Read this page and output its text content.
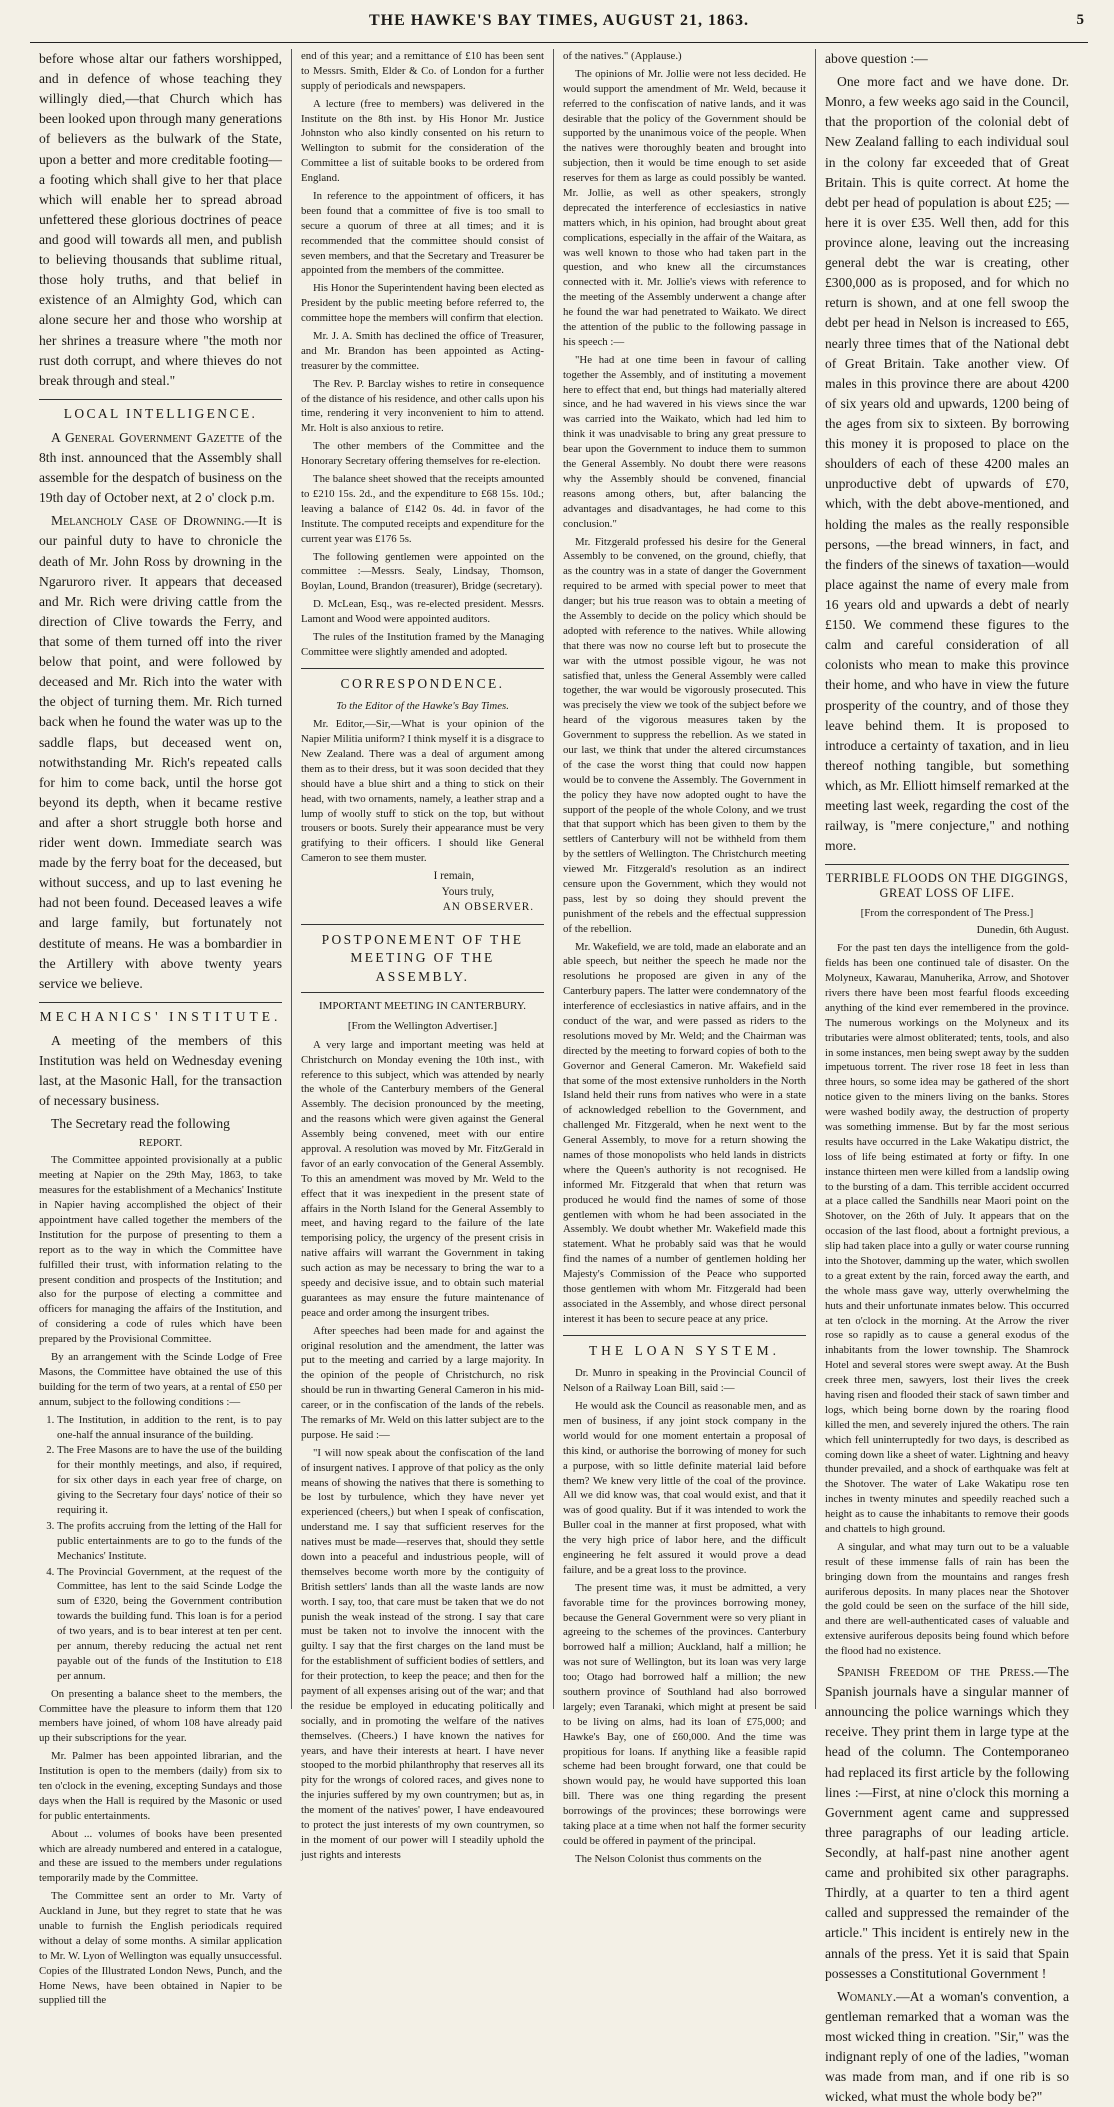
THE HAWKE'S BAY TIMES, AUGUST 21, 1863.	5

before whose altar our fathers worshipped, and in defence of whose teaching they willingly died,—that Church which has been looked upon through many generations of believers as the bulwark of the State, upon a better and more creditable footing—a footing which shall give to her that place which will enable her to spread abroad unfettered these glorious doctrines of peace and good will towards all men, and publish to believing thousands that sublime ritual, those holy truths, and that belief in existence of an Almighty God, which can alone secure her and those who worship at her shrines a treasure where "the moth nor rust doth corrupt, and where thieves do not break through and steal."

LOCAL INTELLIGENCE.

A General Government Gazette of the 8th inst. announced that the Assembly shall assemble for the despatch of business on the 19th day of October next, at 2 o' clock p.m.

Melancholy Case of Drowning.—It is our painful duty to have to chronicle the death of Mr. John Ross by drowning in the Ngaruroro river. It appears that deceased and Mr. Rich were driving cattle from the direction of Clive towards the Ferry, and that some of them turned off into the river below that point, and were followed by deceased and Mr. Rich into the water with the object of turning them. Mr. Rich turned back when he found the water was up to the saddle flaps, but deceased went on, notwithstanding Mr. Rich's repeated calls for him to come back, until the horse got beyond its depth, when it became restive and after a short struggle both horse and rider went down. Immediate search was made by the ferry boat for the deceased, but without success, and up to last evening he had not been found. Deceased leaves a wife and large family, but fortunately not destitute of means. He was a bombardier in the Artillery with above twenty years service we believe.

MECHANICS' INSTITUTE.

A meeting of the members of this Institution was held on Wednesday evening last, at the Masonic Hall, for the transaction of necessary business.

The Secretary read the following

REPORT.

The Committee appointed provisionally at a public meeting at Napier on the 29th May, 1863, to take measures for the establishment of a Mechanics' Institute in Napier having accomplished the object of their appointment have called together the members of the Institution for the purpose of presenting to them a report as to the way in which the Committee have fulfilled their trust, with information relating to the present condition and prospects of the Institution; and also for the purpose of electing a committee and officers for managing the affairs of the Institution, and of considering a code of rules which have been prepared by the Provisional Committee.

By an arrangement with the Scinde Lodge of Free Masons, the Committee have obtained the use of this building for the term of two years, at a rental of £50 per annum, subject to the following conditions :—

1. The Institution, in addition to the rent, is to pay one-half the annual insurance of the building.
2. The Free Masons are to have the use of the building for their monthly meetings, and also, if required, for six other days in each year free of charge, on giving to the Secretary four days' notice of their so requiring it.
3. The profits accruing from the letting of the Hall for public entertainments are to go to the funds of the Mechanics' Institute.
4. The Provincial Government, at the request of the Committee, has lent to the said Scinde Lodge the sum of £320, being the Government contribution towards the building fund. This loan is for a period of two years, and is to bear interest at ten per cent. per annum, thereby reducing the actual net rent payable out of the funds of the Institution to £18 per annum.

On presenting a balance sheet to the members, the Committee have the pleasure to inform them that 120 members have joined, of whom 108 have already paid up their subscriptions for the year.

Mr. Palmer has been appointed librarian, and the Institution is open to the members (daily) from six to ten o'clock in the evening, excepting Sundays and those days when the Hall is required by the Masonic or used for public entertainments.

About ... volumes of books have been presented which are already numbered and entered in a catalogue, and these are issued to the members under regulations temporarily made by the Committee.

The Committee sent an order to Mr. Varty of Auckland in June, but they regret to state that he was unable to furnish the English periodicals required without a delay of some months. A similar application to Mr. W. Lyon of Wellington was equally unsuccessful. Copies of the Illustrated London News, Punch, and the Home News, have been obtained in Napier to be supplied till the

end of this year; and a remittance of £10 has been sent to Messrs. Smith, Elder & Co. of London for a further supply of periodicals and newspapers.

A lecture (free to members) was delivered in the Institute on the 8th inst. by His Honor Mr. Justice Johnston who also kindly consented on his return to Wellington to submit for the consideration of the Committee a list of suitable books to be ordered from England.

In reference to the appointment of officers, it has been found that a committee of five is too small to secure a quorum of three at all times; and it is recommended that the committee should consist of seven members, and that the Secretary and Treasurer be appointed from the members of the committee.

His Honor the Superintendent having been elected as President by the public meeting before referred to, the committee hope the members will confirm that election.

Mr. J. A. Smith has declined the office of Treasurer, and Mr. Brandon has been appointed as Acting-treasurer by the committee.

The Rev. P. Barclay wishes to retire in consequence of the distance of his residence, and other calls upon his time, rendering it very inconvenient to him to attend. Mr. Holt is also anxious to retire.

The other members of the Committee and the Honorary Secretary offering themselves for re-election.

The balance sheet showed that the receipts amounted to £210 15s. 2d., and the expenditure to £68 15s. 10d.; leaving a balance of £142 0s. 4d. in favor of the Institute. The computed receipts and expenditure for the current year was £176 5s.

The following gentlemen were appointed on the committee :—Messrs. Sealy, Lindsay, Thomson, Boylan, Lound, Brandon (treasurer), Bridge (secretary).

D. McLean, Esq., was re-elected president. Messrs. Lamont and Wood were appointed auditors.

The rules of the Institution framed by the Managing Committee were slightly amended and adopted.

CORRESPONDENCE.

To the Editor of the Hawke's Bay Times.

Mr. Editor,—Sir,—What is your opinion of the Napier Militia uniform? I think myself it is a disgrace to New Zealand. There was a deal of argument among them as to their dress, but it was soon decided that they should have a blue shirt and a thing to stick on their head, with two ornaments, namely, a leather strap and a lump of woolly stuff to stick on the top, but without trousers or boots. Surely their appearance must be very gratifying to their officers. I should like General Cameron to see them muster.

I remain,
Yours truly,
AN OBSERVER.
POSTPONEMENT OF THE MEETING OF THE ASSEMBLY.
IMPORTANT MEETING IN CANTERBURY.
[From the Wellington Advertiser.]

A very large and important meeting was held at Christchurch on Monday evening the 10th inst., with reference to this subject, which was attended by nearly the whole of the Canterbury members of the General Assembly. The decision pronounced by the meeting, and the reasons which were given against the General Assembly being convened, meet with our entire approval. A resolution was moved by Mr. FitzGerald in favor of an early convocation of the General Assembly. To this an amendment was moved by Mr. Weld to the effect that it was inexpedient in the present state of affairs in the North Island for the General Assembly to meet, and having regard to the failure of the late temporising policy, the urgency of the present crisis in native affairs will warrant the Government in taking such action as may be necessary to bring the war to a speedy and decisive issue, and to obtain such material guarantees as may ensure the future maintenance of peace and order among the insurgent tribes.

After speeches had been made for and against the original resolution and the amendment, the latter was put to the meeting and carried by a large majority. In the opinion of the people of Christchurch, no risk should be run in thwarting General Cameron in his mid-career, or in the confiscation of the lands of the rebels. The remarks of Mr. Weld on this latter subject are to the purpose. He said :—

"I will now speak about the confiscation of the land of insurgent natives. I approve of that policy as the only means of showing the natives that there is something to be lost by turbulence, which they have never yet experienced (cheers,) but when I speak of confiscation, understand me. I say that sufficient reserves for the natives must be made—reserves that, should they settle down into a peaceful and industrious people, will of themselves become worth more by the contiguity of British settlers' lands than all the waste lands are now worth. I say, too, that care must be taken that we do not punish the weak instead of the strong. I say that care must be taken not to involve the innocent with the guilty. I say that the first charges on the land must be for the establishment of sufficient bodies of settlers, and for their protection, to keep the peace; and then for the payment of all expenses arising out of the war; and that the residue be employed in educating politically and socially, and in promoting the welfare of the natives themselves. (Cheers.) I have known the natives for years, and have their interests at heart. I have never stooped to the morbid philanthrophy that reserves all its pity for the wrongs of colored races, and gives none to the injuries suffered by my own countrymen; but as, in the moment of the natives' power, I have endeavoured to protect the just interests of my own countrymen, so in the moment of our power will I steadily uphold the just rights and interests

of the natives." (Applause.)

The opinions of Mr. Jollie were not less decided. He would support the amendment of Mr. Weld, because it referred to the confiscation of native lands, and it was desirable that the policy of the Government should be supported by the unanimous voice of the people. When the natives were thoroughly beaten and brought into subjection, then it would be time enough to set aside reserves for them as large as could possibly be wanted. Mr. Jollie, as well as other speakers, strongly deprecated the interference of ecclesiastics in native matters which, in his opinion, had brought about great complications, especially in the affair of the Waitara, as was well known to those who had taken part in the question, and who knew all the circumstances connected with it. Mr. Jollie's views with reference to the meeting of the Assembly underwent a change after he found the war had penetrated to Waikato. We direct the attention of the public to the following passage in his speech :—

"He had at one time been in favour of calling together the Assembly, and of instituting a movement here to effect that end, but things had materially altered since, and he had wavered in his views since the war was carried into the Waikato, which had led him to think it was unadvisable to bring any great pressure to bear upon the Government to induce them to summon the General Assembly. No doubt there were reasons why the Assembly should be convened, financial reasons among others, but, after balancing the advantages and disadvantages, he had come to this conclusion."

Mr. Fitzgerald professed his desire for the General Assembly to be convened, on the ground, chiefly, that as the country was in a state of danger the Government required to be armed with special power to meet that danger; but his true reason was to obtain a meeting of the Assembly to decide on the policy which should be adopted with reference to the natives. While allowing that there was now no course left but to prosecute the war with the utmost possible vigour, he was not satisfied that, unless the General Assembly were called together, the war would be vigorously prosecuted. This was precisely the view we took of the subject before we heard of the vigorous measures taken by the Government to suppress the rebellion. As we stated in our last, we think that under the altered circumstances of the case the worst thing that could now happen would be to convene the Assembly. The Government in the policy they have now adopted ought to have the support of the people of the whole Colony, and we trust that that support which has been given to them by the settlers of Canterbury will not be withheld from them by the settlers of Wellington. The Christchurch meeting viewed Mr. Fitzgerald's resolution as an indirect censure upon the Government, which they would not pass, lest by so doing they should prevent the punishment of the rebels and the effectual suppression of the rebellion.

Mr. Wakefield, we are told, made an elaborate and an able speech, but neither the speech he made nor the resolutions he proposed are given in any of the Canterbury papers. The latter were condemnatory of the interference of ecclesiastics in native affairs, and in the conduct of the war, and were passed as riders to the resolutions moved by Mr. Weld; and the Chairman was directed by the meeting to forward copies of both to the Governor and General Cameron. Mr. Wakefield said that some of the most extensive runholders in the North Island held their runs from natives who were in a state of acknowledged rebellion to the Government, and challenged Mr. Fitzgerald, when he next went to the General Assembly, to move for a return showing the names of those monopolists who held lands in districts where the Queen's authority is not recognised. He informed Mr. Fitzgerald that when that return was produced he would find the names of some of those gentlemen with whom he had been associated in the Assembly. We doubt whether Mr. Wakefield made this statement. What he probably said was that he would find the names of a number of gentlemen holding her Majesty's Commission of the Peace who supported those gentlemen with whom Mr. Fitzgerald had been associated in the Assembly, and whose direct personal interest it has been to secure peace at any price.

THE LOAN SYSTEM.

Dr. Munro in speaking in the Provincial Council of Nelson of a Railway Loan Bill, said :—

He would ask the Council as reasonable men, and as men of business, if any joint stock company in the world would for one moment entertain a proposal of this kind, or authorise the borrowing of money for such a purpose, with so little definite material laid before them? We knew very little of the coal of the province. All we did know was, that coal would exist, and that it was of good quality. But if it was intended to work the Buller coal in the manner at first proposed, what with the very high price of labor here, and the difficult engineering he felt assured it would prove a dead failure, and be a great loss to the province.

The present time was, it must be admitted, a very favorable time for the provinces borrowing money, because the General Government were so very pliant in agreeing to the schemes of the provinces. Canterbury borrowed half a million; Auckland, half a million; he was not sure of Wellington, but its loan was very large too; Otago had borrowed half a million; the new southern province of Southland had also borrowed largely; even Taranaki, which might at present be said to be living on alms, had its loan of £75,000; and Hawke's Bay, one of £60,000. And the time was propitious for loans. If anything like a feasible rapid scheme had been brought forward, one that could be shown would pay, he would have supported this loan bill. There was one thing regarding the present borrowings of the provinces; these borrowings were taking place at a time when not half the former security could be offered in payment of the principal.

The Nelson Colonist thus comments on the

above question :—

One more fact and we have done. Dr. Monro, a few weeks ago said in the Council, that the proportion of the colonial debt of New Zealand falling to each individual soul in the colony far exceeded that of Great Britain. This is quite correct. At home the debt per head of population is about £25; —here it is over £35. Well then, add for this province alone, leaving out the increasing general debt the war is creating, other £300,000 as is proposed, and for which no return is shown, and at one fell swoop the debt per head in Nelson is increased to £65, nearly three times that of the National debt of Great Britain. Take another view. Of males in this province there are about 4200 of six years old and upwards, 1200 being of the ages from six to sixteen. By borrowing this money it is proposed to place on the shoulders of each of these 4200 males an unproductive debt of upwards of £70, which, with the debt above-mentioned, and holding the males as the really responsible persons, —the bread winners, in fact, and the finders of the sinews of taxation—would place against the name of every male from 16 years old and upwards a debt of nearly £150. We commend these figures to the calm and careful consideration of all colonists who mean to make this province their home, and who have in view the future prosperity of the country, and of those they leave behind them. It is proposed to introduce a certainty of taxation, and in lieu thereof nothing tangible, but something which, as Mr. Elliott himself remarked at the meeting last week, regarding the cost of the railway, is "mere conjecture," and nothing more.

TERRIBLE FLOODS ON THE DIGGINGS, GREAT LOSS OF LIFE.
[From the correspondent of The Press.]

Dunedin, 6th August.

For the past ten days the intelligence from the gold-fields has been one continued tale of disaster. On the Molyneux, Kawarau, Manuherika, Arrow, and Shotover rivers there have been most fearful floods exceeding anything of the kind ever remembered in the province. The numerous workings on the Molyneux and its tributaries were almost obliterated; tents, tools, and also in some instances, men being swept away by the sudden impetuous torrent. The river rose 18 feet in less than three hours, so some idea may be gathered of the short notice given to the miners living on the banks. Stores were washed bodily away, the destruction of property was something immense. But by far the most serious results have occurred in the Lake Wakatipu district, the loss of life being estimated at forty or fifty. In one instance thirteen men were killed from a landslip owing to the bursting of a dam. This terrible accident occurred at a place called the Sandhills near Maori point on the Shotover, on the 26th of July. It appears that on the occasion of the last flood, about a fortnight previous, a slip had taken place into a gully or water course running into the Shotover, damming up the water, which swollen to a great extent by the rain, forced away the earth, and the whole mass gave way, utterly overwhelming the huts and their unfortunate inmates below. This occurred at ten o'clock in the morning. At the Arrow the river rose so rapidly as to cause a general exodus of the inhabitants from the lower township. The Shamrock Hotel and several stores were swept away. At the Bush creek three men, sawyers, lost their lives the creek having risen and flooded their stack of sawn timber and logs, which being borne down by the roaring flood killed the men, and severely injured the others. The rain which fell uninterruptedly for two days, is described as coming down like a sheet of water. Lightning and heavy thunder prevailed, and a shock of earthquake was felt at the Shotover. The water of Lake Wakatipu rose ten inches in twenty minutes and speedily reached such a height as to cause the inhabitants to remove their goods and chattels to high ground.

A singular, and what may turn out to be a valuable result of these immense falls of rain has been the bringing down from the mountains and ranges fresh auriferous deposits. In many places near the Shotover the gold could be seen on the surface of the hill side, and there are well-authenticated cases of valuable and extensive auriferous deposits being found which before the flood had no existence.

Spanish Freedom of the Press.—The Spanish journals have a singular manner of announcing the police warnings which they receive. They print them in large type at the head of the column. The Contemporaneo had replaced its first article by the following lines :—First, at nine o'clock this morning a Government agent came and suppressed three paragraphs of our leading article. Secondly, at half-past nine another agent came and prohibited six other paragraphs. Thirdly, at a quarter to ten a third agent called and suppressed the remainder of the article." This incident is entirely new in the annals of the press. Yet it is said that Spain possesses a Constitutional Government !

Womanly.—At a woman's convention, a gentleman remarked that a woman was the most wicked thing in creation. "Sir," was the indignant reply of one of the ladies, "woman was made from man, and if one rib is so wicked, what must the whole body be?"
